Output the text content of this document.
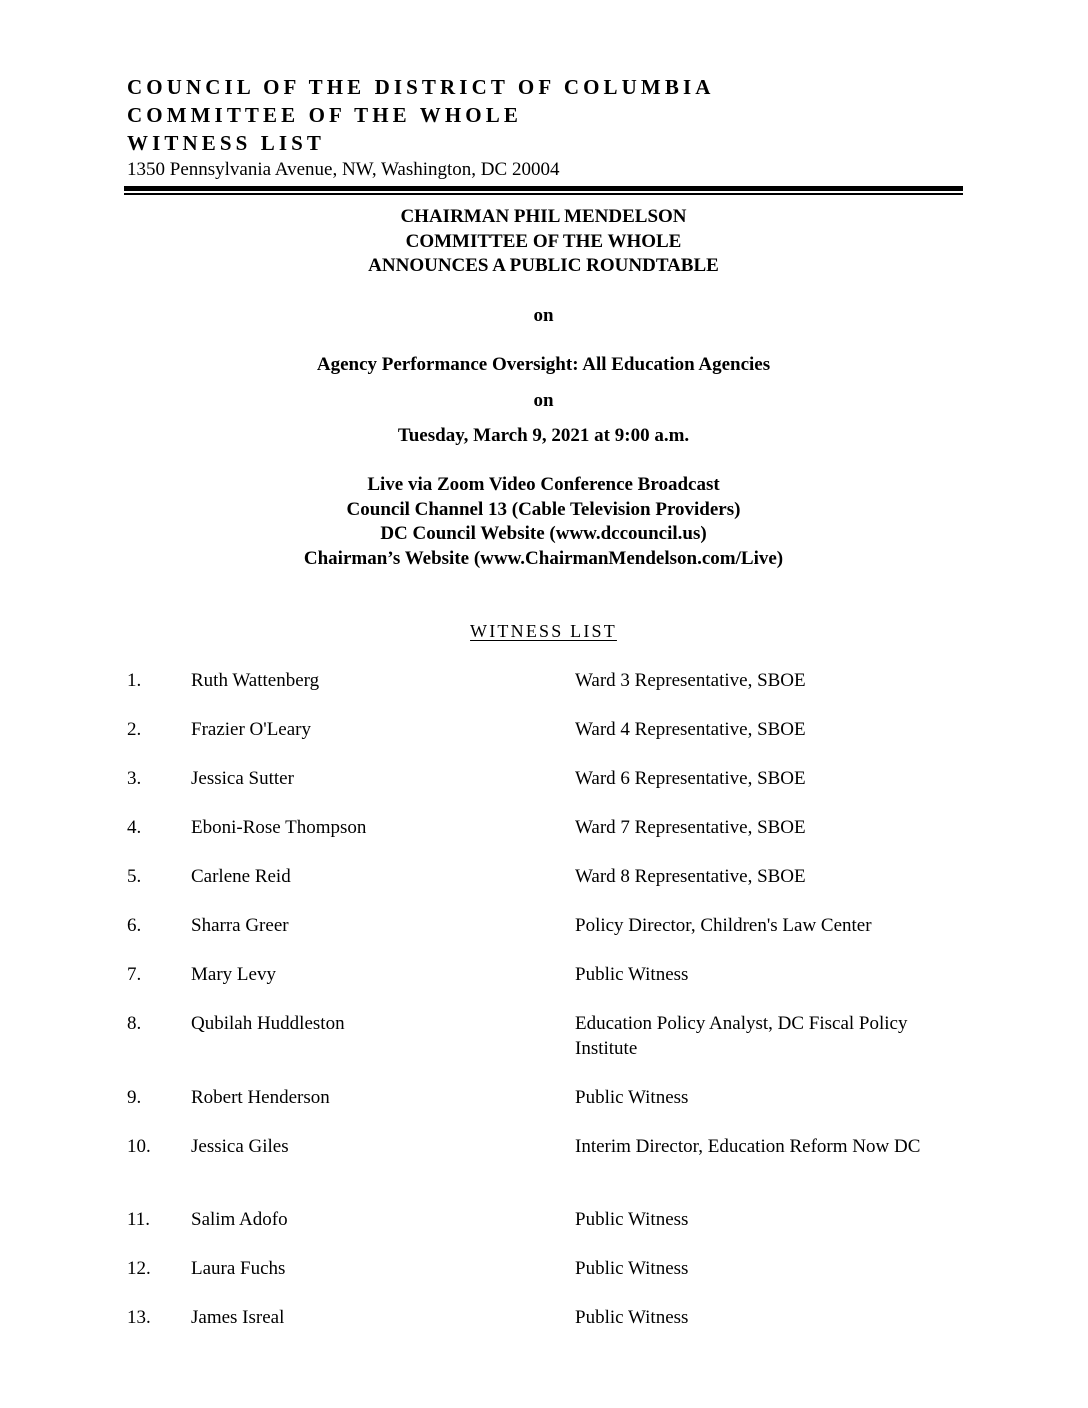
COUNCIL OF THE DISTRICT OF COLUMBIA
COMMITTEE OF THE WHOLE
WITNESS LIST
1350 Pennsylvania Avenue, NW, Washington, DC 20004
CHAIRMAN PHIL MENDELSON
COMMITTEE OF THE WHOLE
ANNOUNCES A PUBLIC ROUNDTABLE
on
Agency Performance Oversight: All Education Agencies
on
Tuesday, March 9, 2021 at 9:00 a.m.
Live via Zoom Video Conference Broadcast
Council Channel 13 (Cable Television Providers)
DC Council Website (www.dccouncil.us)
Chairman’s Website (www.ChairmanMendelson.com/Live)
WITNESS LIST
1.	Ruth Wattenberg	Ward 3 Representative, SBOE
2.	Frazier O'Leary	Ward 4 Representative, SBOE
3.	Jessica Sutter	Ward 6 Representative, SBOE
4.	Eboni-Rose Thompson	Ward 7 Representative, SBOE
5.	Carlene Reid	Ward 8 Representative, SBOE
6.	Sharra Greer	Policy Director, Children's Law Center
7.	Mary Levy	Public Witness
8.	Qubilah Huddleston	Education Policy Analyst, DC Fiscal Policy Institute
9.	Robert Henderson	Public Witness
10. Jessica Giles	Interim Director, Education Reform Now DC
11. Salim Adofo	Public Witness
12. Laura Fuchs	Public Witness
13. James Isreal	Public Witness
